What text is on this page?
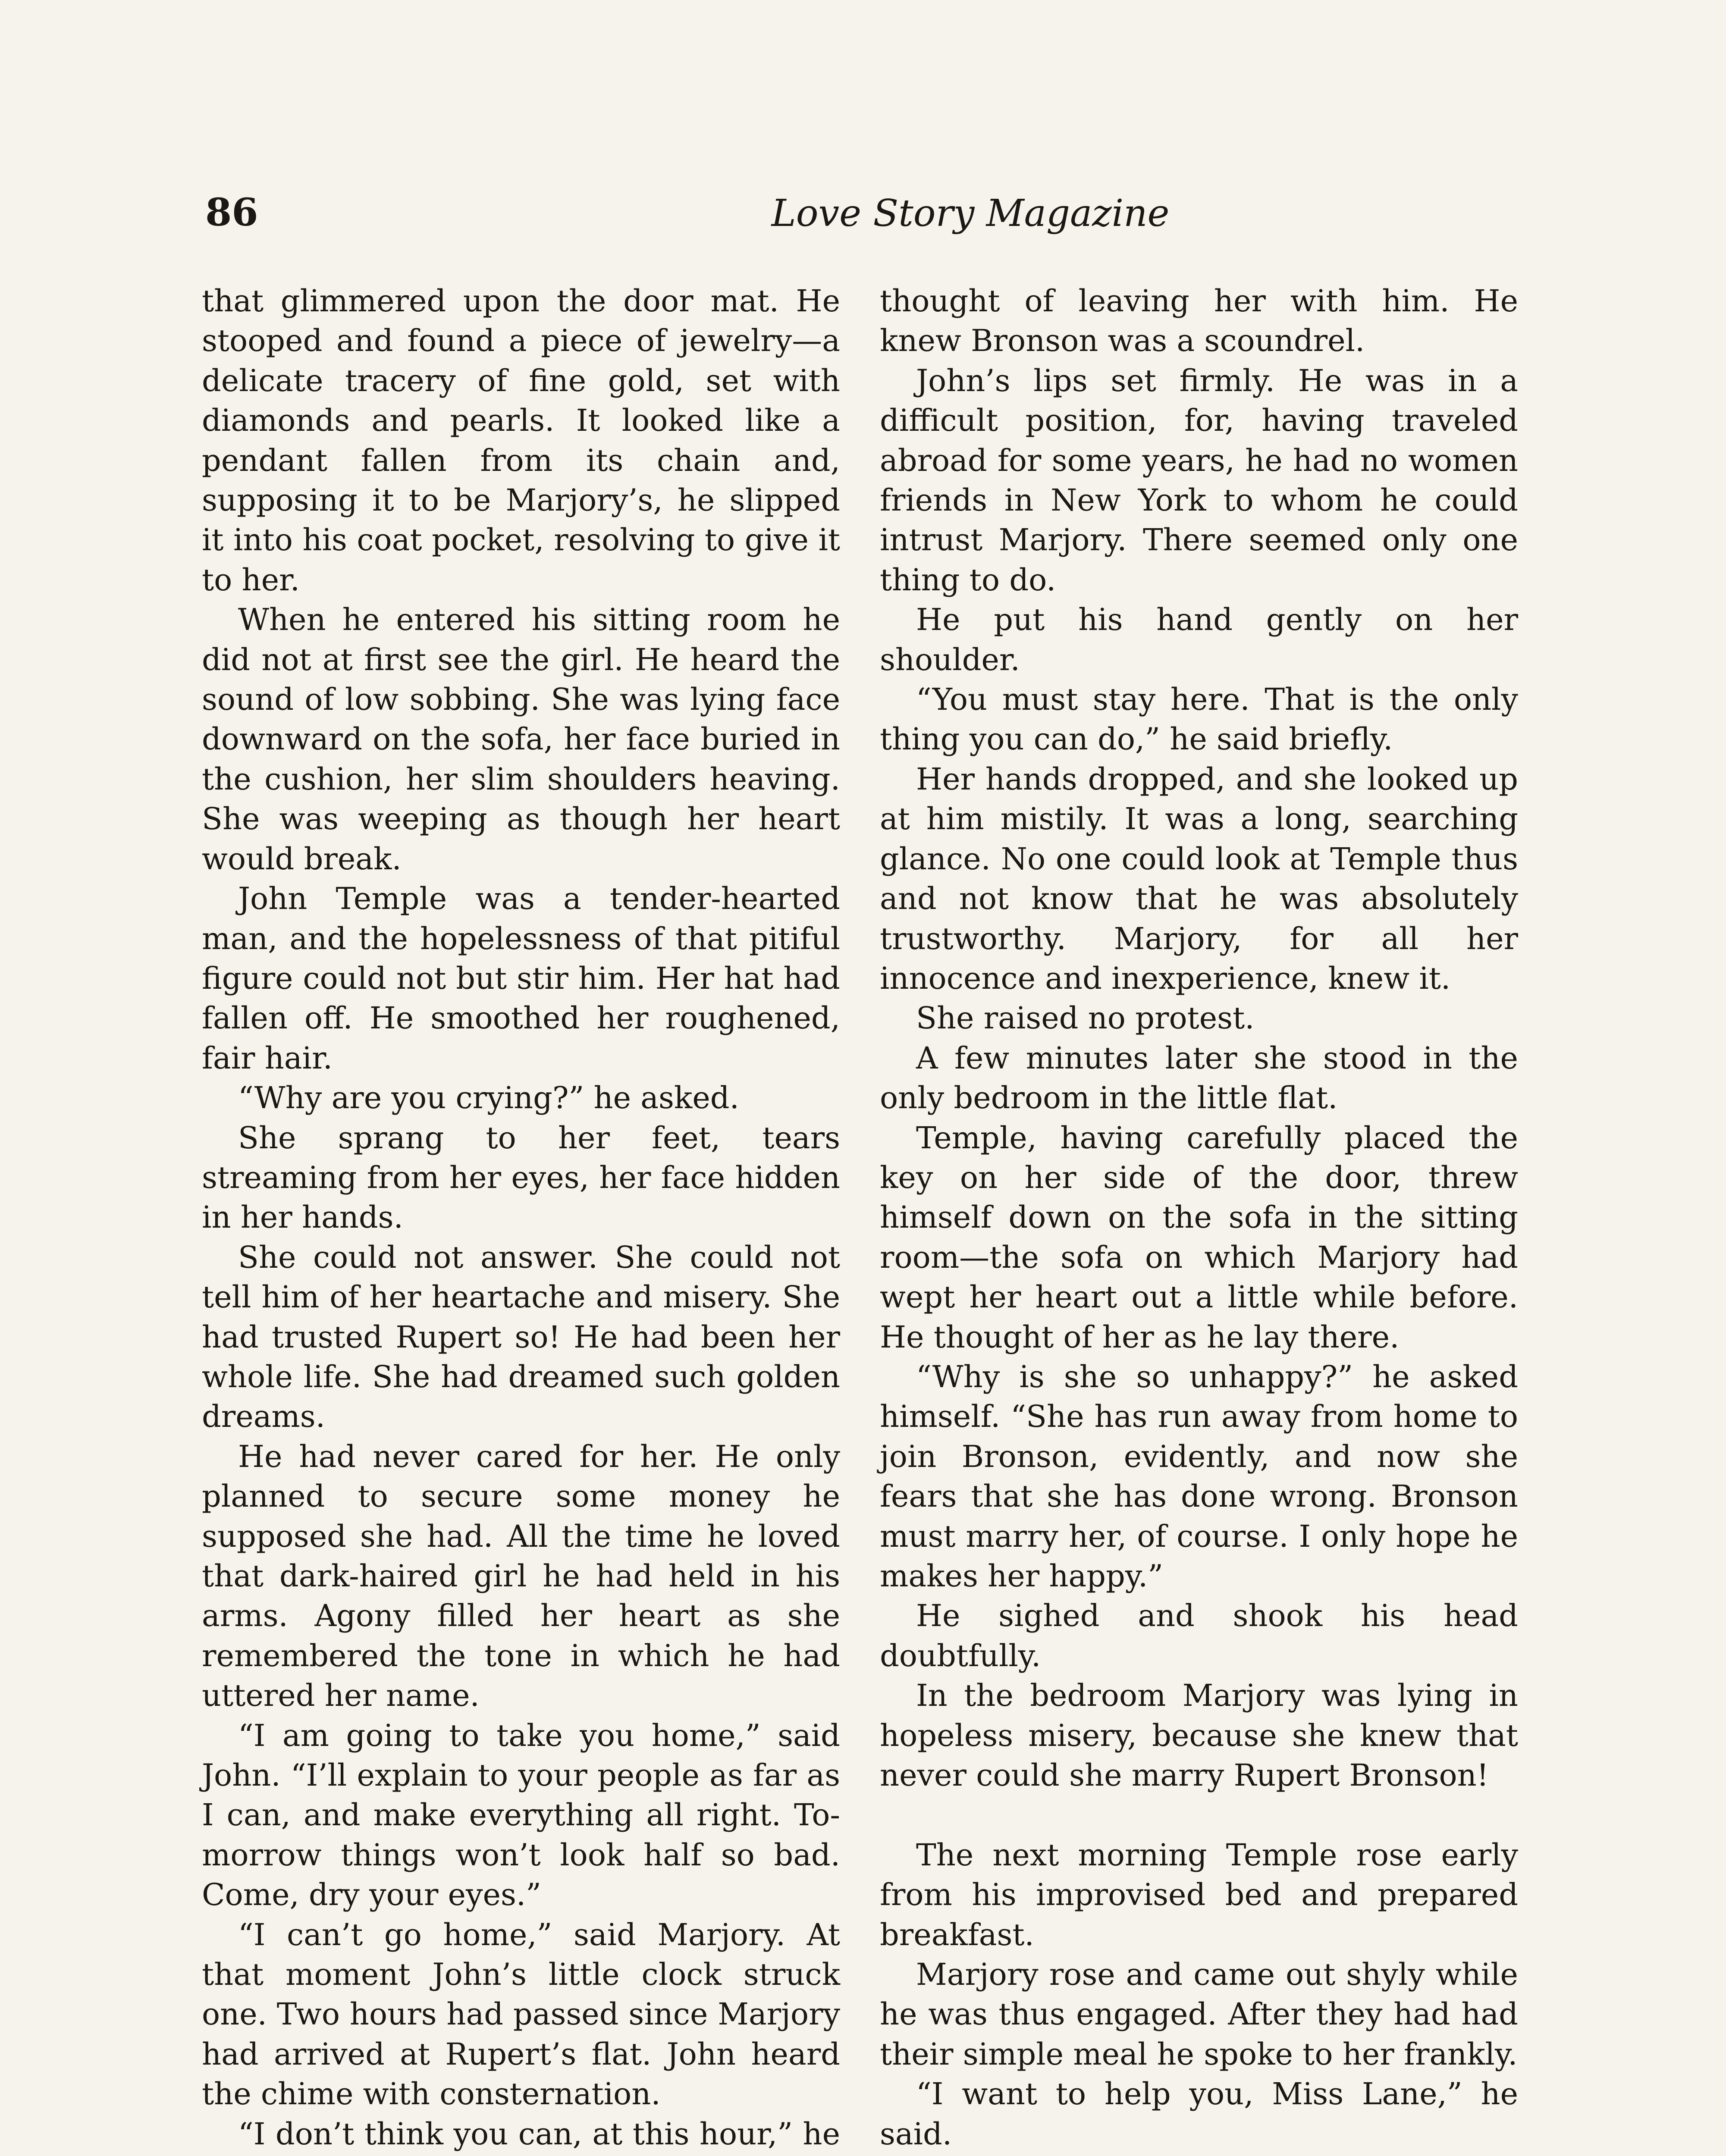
86	Love Story Magazine

that glimmered upon the door mat. He stooped and found a piece of jewelry—a delicate tracery of fine gold, set with diamonds and pearls. It looked like a pendant fallen from its chain and, supposing it to be Marjory’s, he slipped it into his coat pocket, resolving to give it to her.

When he entered his sitting room he did not at first see the girl. He heard the sound of low sobbing. She was lying face downward on the sofa, her face buried in the cushion, her slim shoulders heaving. She was weeping as though her heart would break.

John Temple was a tender-hearted man, and the hopelessness of that pitiful figure could not but stir him. Her hat had fallen off. He smoothed her roughened, fair hair.

“Why are you crying?” he asked.

She sprang to her feet, tears streaming from her eyes, her face hidden in her hands.

She could not answer. She could not tell him of her heartache and misery. She had trusted Rupert so! He had been her whole life. She had dreamed such golden dreams.

He had never cared for her. He only planned to secure some money he supposed she had. All the time he loved that dark-haired girl he had held in his arms. Agony filled her heart as she remembered the tone in which he had uttered her name.

“I am going to take you home,” said John. “I’ll explain to your people as far as I can, and make everything all right. To-morrow things won’t look half so bad. Come, dry your eyes.”

“I can’t go home,” said Marjory. At that moment John’s little clock struck one. Two hours had passed since Marjory had arrived at Rupert’s flat. John heard the chime with consternation.

“I don’t think you can, at this hour,” he

thought of leaving her with him. He knew Bronson was a scoundrel.

John’s lips set firmly. He was in a difficult position, for, having traveled abroad for some years, he had no women friends in New York to whom he could intrust Marjory. There seemed only one thing to do.

He put his hand gently on her shoulder.

“You must stay here. That is the only thing you can do,” he said briefly.

Her hands dropped, and she looked up at him mistily. It was a long, searching glance. No one could look at Temple thus and not know that he was absolutely trustworthy. Marjory, for all her innocence and inexperience, knew it.

She raised no protest.

A few minutes later she stood in the only bedroom in the little flat.

Temple, having carefully placed the key on her side of the door, threw himself down on the sofa in the sitting room—the sofa on which Marjory had wept her heart out a little while before. He thought of her as he lay there.

“Why is she so unhappy?” he asked himself. “She has run away from home to join Bronson, evidently, and now she fears that she has done wrong. Bronson must marry her, of course. I only hope he makes her happy.”

He sighed and shook his head doubtfully.

In the bedroom Marjory was lying in hopeless misery, because she knew that never could she marry Rupert Bronson!

The next morning Temple rose early from his improvised bed and prepared breakfast.

Marjory rose and came out shyly while he was thus engaged. After they had had their simple meal he spoke to her frankly.

“I want to help you, Miss Lane,” he said.
